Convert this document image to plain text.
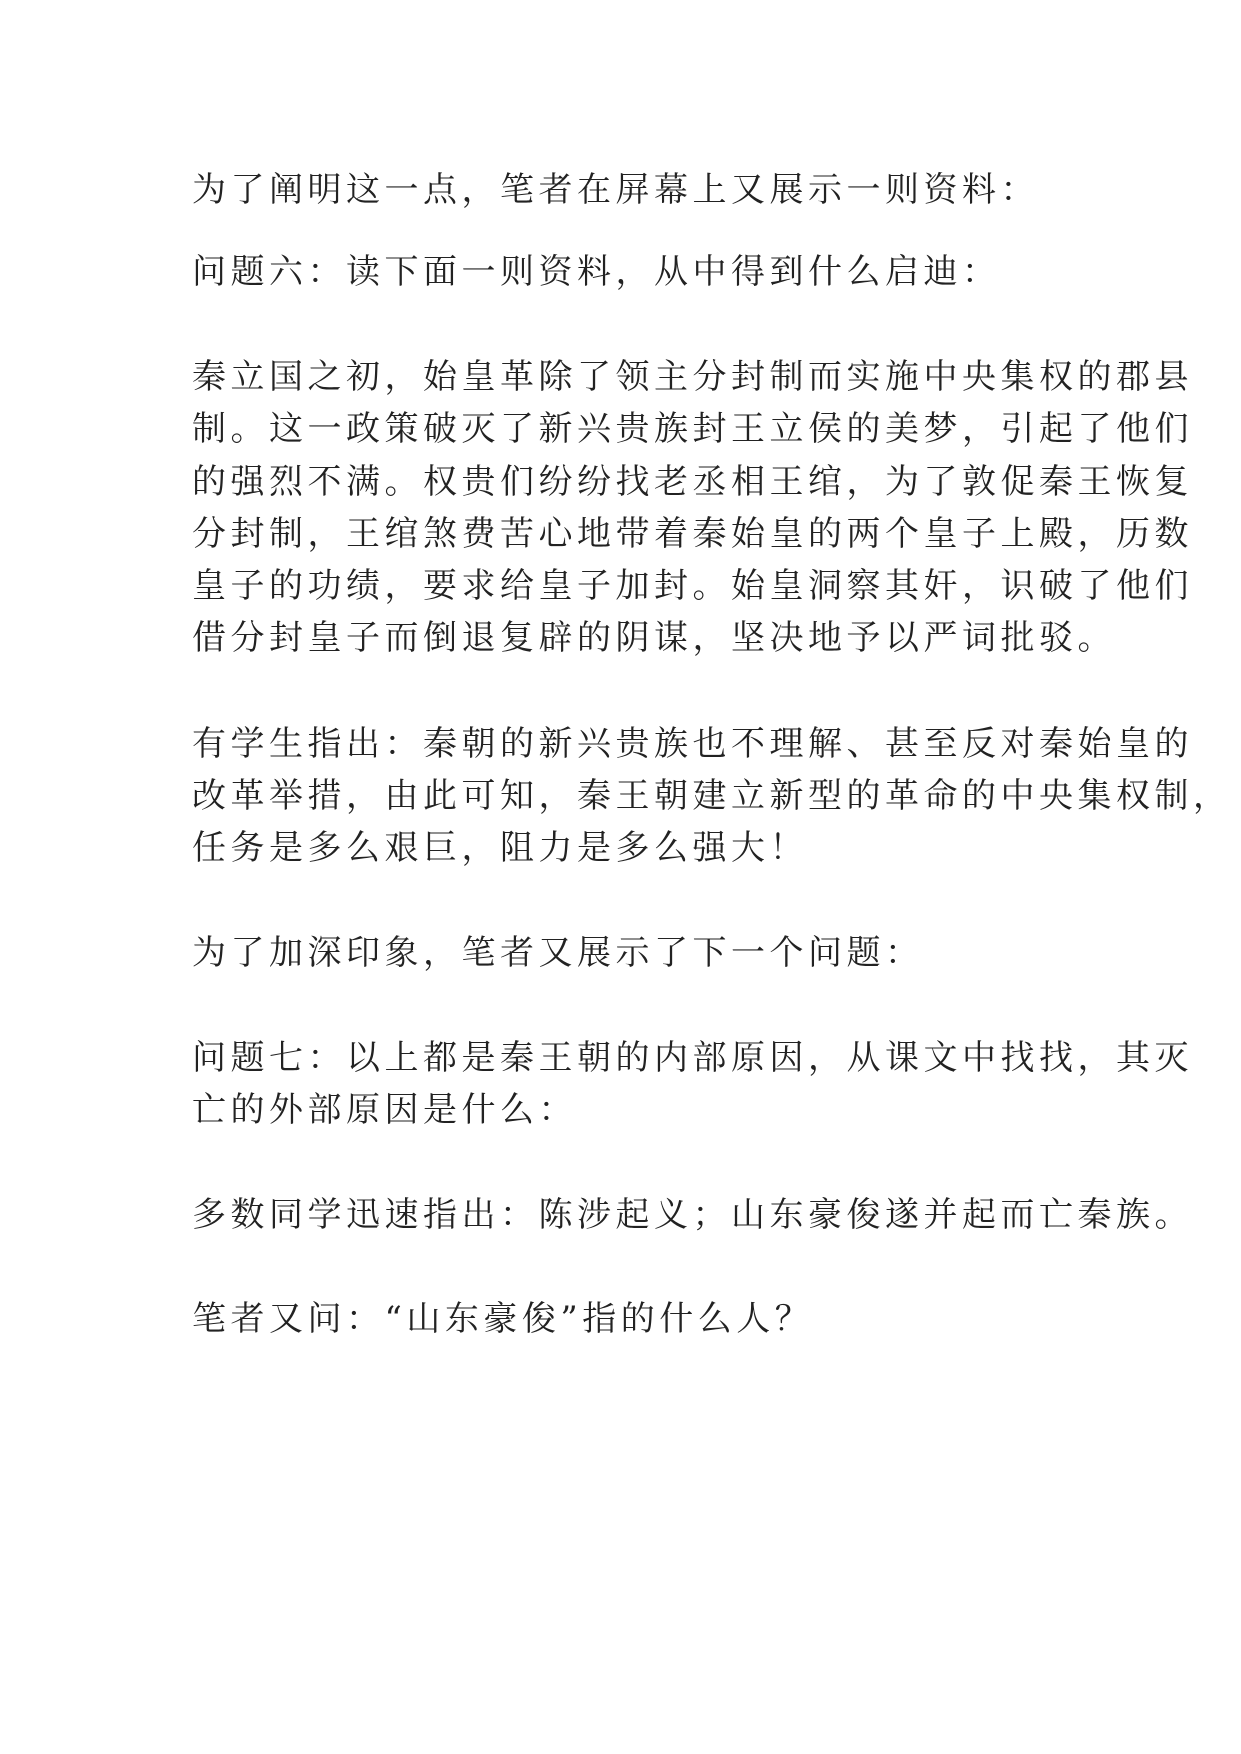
为了阐明这一点，笔者在屏幕上又展示一则资料：
问题六：读下面一则资料，从中得到什么启迪：
秦立国之初，始皇革除了领主分封制而实施中央集权的郡县
制。这一政策破灭了新兴贵族封王立侯的美梦，引起了他们
的强烈不满。权贵们纷纷找老丞相王绾，为了敦促秦王恢复
分封制，王绾煞费苦心地带着秦始皇的两个皇子上殿，历数
皇子的功绩，要求给皇子加封。始皇洞察其奸，识破了他们
借分封皇子而倒退复辟的阴谋，坚决地予以严词批驳。
有学生指出：秦朝的新兴贵族也不理解、甚至反对秦始皇的
改革举措，由此可知，秦王朝建立新型的革命的中央集权制，
任务是多么艰巨，阻力是多么强大！
为了加深印象，笔者又展示了下一个问题：
问题七：以上都是秦王朝的内部原因，从课文中找找，其灭
亡的外部原因是什么：
多数同学迅速指出：陈涉起义；山东豪俊遂并起而亡秦族。
笔者又问：“山东豪俊”指的什么人？
